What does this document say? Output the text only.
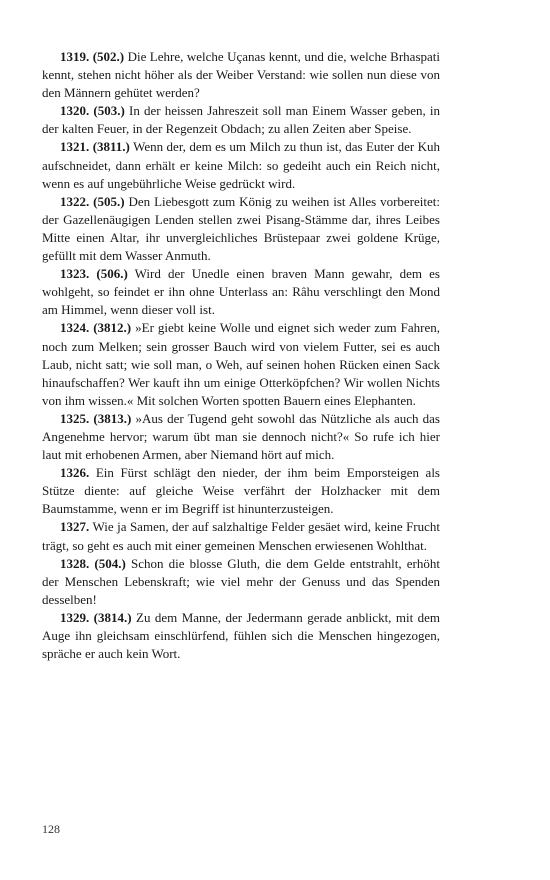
1319. (502.) Die Lehre, welche Uçanas kennt, und die, welche Brhaspati kennt, stehen nicht höher als der Weiber Verstand: wie sollen nun diese von den Männern gehütet werden?

1320. (503.) In der heissen Jahreszeit soll man Einem Wasser geben, in der kalten Feuer, in der Regenzeit Obdach; zu allen Zeiten aber Speise.

1321. (3811.) Wenn der, dem es um Milch zu thun ist, das Euter der Kuh aufschneidet, dann erhält er keine Milch: so gedeiht auch ein Reich nicht, wenn es auf ungebührliche Weise gedrückt wird.

1322. (505.) Den Liebesgott zum König zu weihen ist Alles vorbereitet: der Gazellenäugigen Lenden stellen zwei Pisang-Stämme dar, ihres Leibes Mitte einen Altar, ihr unvergleichliches Brüstepaar zwei goldene Krüge, gefüllt mit dem Wasser Anmuth.

1323. (506.) Wird der Unedle einen braven Mann gewahr, dem es wohlgeht, so feindet er ihn ohne Unterlass an: Râhu verschlingt den Mond am Himmel, wenn dieser voll ist.

1324. (3812.) »Er giebt keine Wolle und eignet sich weder zum Fahren, noch zum Melken; sein grosser Bauch wird von vielem Futter, sei es auch Laub, nicht satt; wie soll man, o Weh, auf seinen hohen Rücken einen Sack hinaufschaffen? Wer kauft ihn um einige Otterköpfchen? Wir wollen Nichts von ihm wissen.« Mit solchen Worten spotten Bauern eines Elephanten.

1325. (3813.) »Aus der Tugend geht sowohl das Nützliche als auch das Angenehme hervor; warum übt man sie dennoch nicht?« So rufe ich hier laut mit erhobenen Armen, aber Niemand hört auf mich.

1326. Ein Fürst schlägt den nieder, der ihm beim Emporsteigen als Stütze diente: auf gleiche Weise verfährt der Holzhacker mit dem Baumstamme, wenn er im Begriff ist hinunterzusteigen.

1327. Wie ja Samen, der auf salzhaltige Felder gesäet wird, keine Frucht trägt, so geht es auch mit einer gemeinen Menschen erwiesenen Wohlthat.

1328. (504.) Schon die blosse Gluth, die dem Gelde entstrahlt, erhöht der Menschen Lebenskraft; wie viel mehr der Genuss und das Spenden desselben!

1329. (3814.) Zu dem Manne, der Jedermann gerade anblickt, mit dem Auge ihn gleichsam einschlürfend, fühlen sich die Menschen hingezogen, spräche er auch kein Wort.

128
